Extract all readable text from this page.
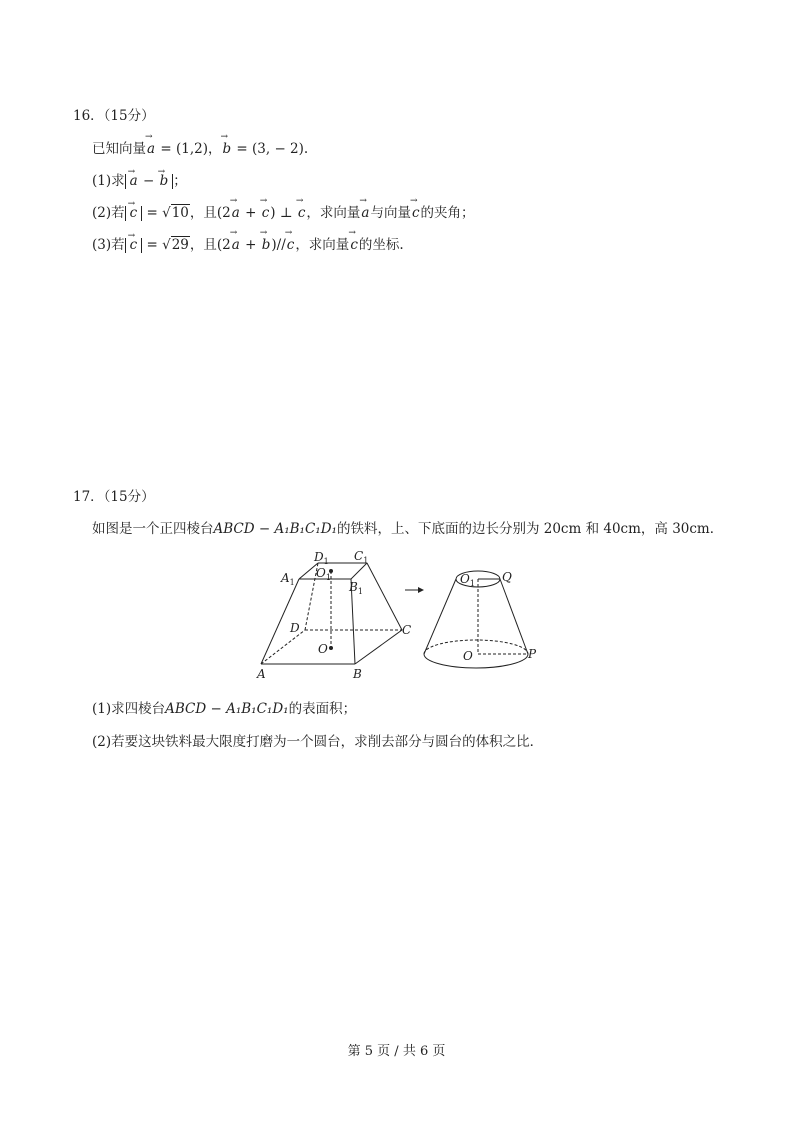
16．（15分）
已知向量→ a = (1,2)，→ b = (3, − 2).
(1)求 → a − → b ；
(2)若 → c = √10，且(2→ a + → c) ⊥ → c，求向量→ a与向量→ c的夹角；
(3)若 → c = √29，且(2→ a + → b)//→ c，求向量→ c的坐标.
17．（15分）
如图是一个正四棱台ABCD − A₁B₁C₁D₁的铁料，上、下底面的边长分别为 20cm 和 40cm，高 30cm．
$D_1$ $C_1$
$A_1$	$B_1$
$O_1$
D	C
A	B
O
$O_1$ Q
O	P
(1)求四棱台ABCD − A₁B₁C₁D₁的表面积；
(2)若要这块铁料最大限度打磨为一个圆台，求削去部分与圆台的体积之比．
第 5 页 / 共 6 页
